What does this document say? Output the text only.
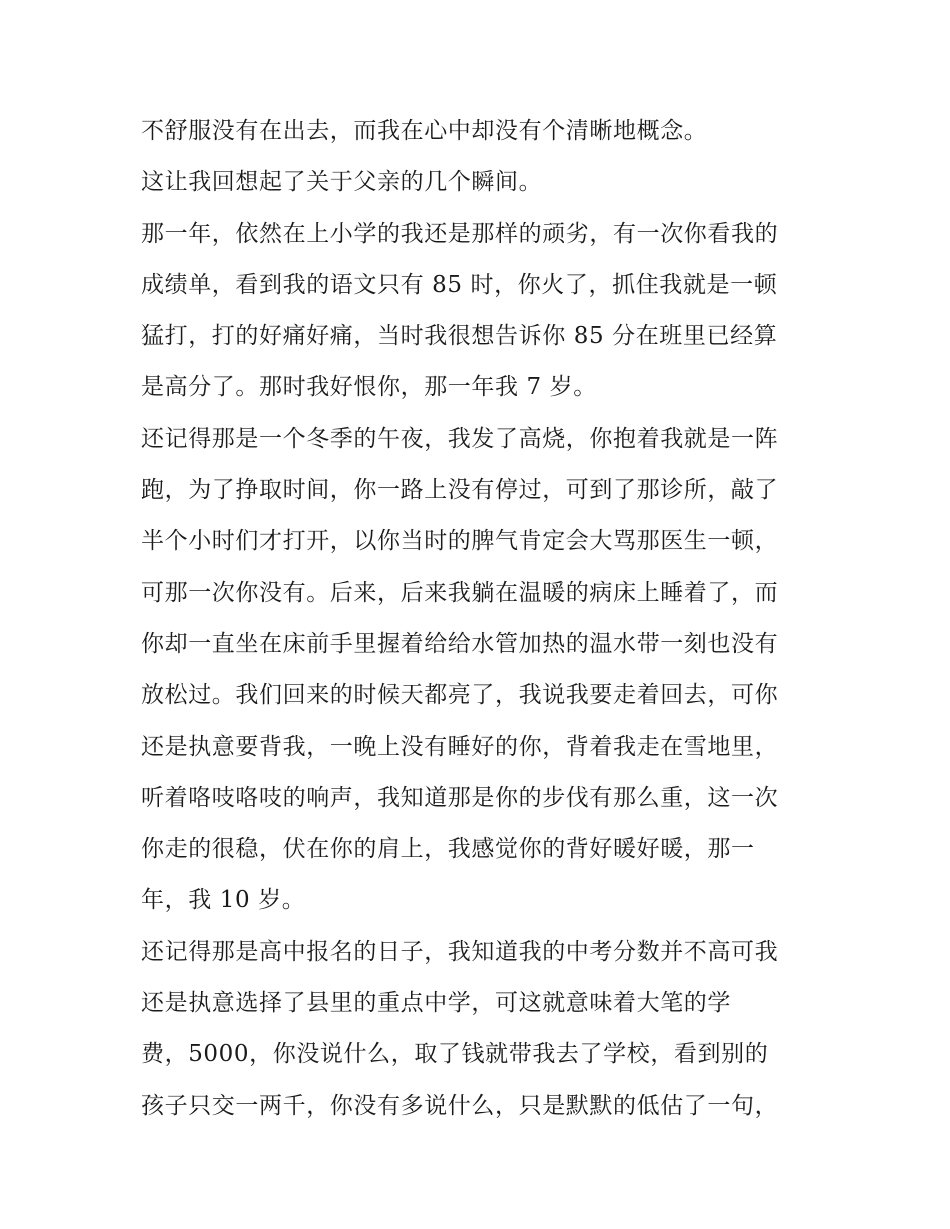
不舒服没有在出去，而我在心中却没有个清晰地概念。
这让我回想起了关于父亲的几个瞬间。
那一年，依然在上小学的我还是那样的顽劣，有一次你看我的
成绩单，看到我的语文只有 85 时，你火了，抓住我就是一顿
猛打，打的好痛好痛，当时我很想告诉你 85 分在班里已经算
是高分了。那时我好恨你，那一年我 7 岁。
还记得那是一个冬季的午夜，我发了高烧，你抱着我就是一阵
跑，为了挣取时间，你一路上没有停过，可到了那诊所，敲了
半个小时们才打开，以你当时的脾气肯定会大骂那医生一顿，
可那一次你没有。后来，后来我躺在温暖的病床上睡着了，而
你却一直坐在床前手里握着给给水管加热的温水带一刻也没有
放松过。我们回来的时候天都亮了，我说我要走着回去，可你
还是执意要背我，一晚上没有睡好的你，背着我走在雪地里，
听着咯吱咯吱的响声，我知道那是你的步伐有那么重，这一次
你走的很稳，伏在你的肩上，我感觉你的背好暖好暖，那一
年，我 10 岁。
还记得那是高中报名的日子，我知道我的中考分数并不高可我
还是执意选择了县里的重点中学，可这就意味着大笔的学
费，5000，你没说什么，取了钱就带我去了学校，看到别的
孩子只交一两千，你没有多说什么，只是默默的低估了一句，
